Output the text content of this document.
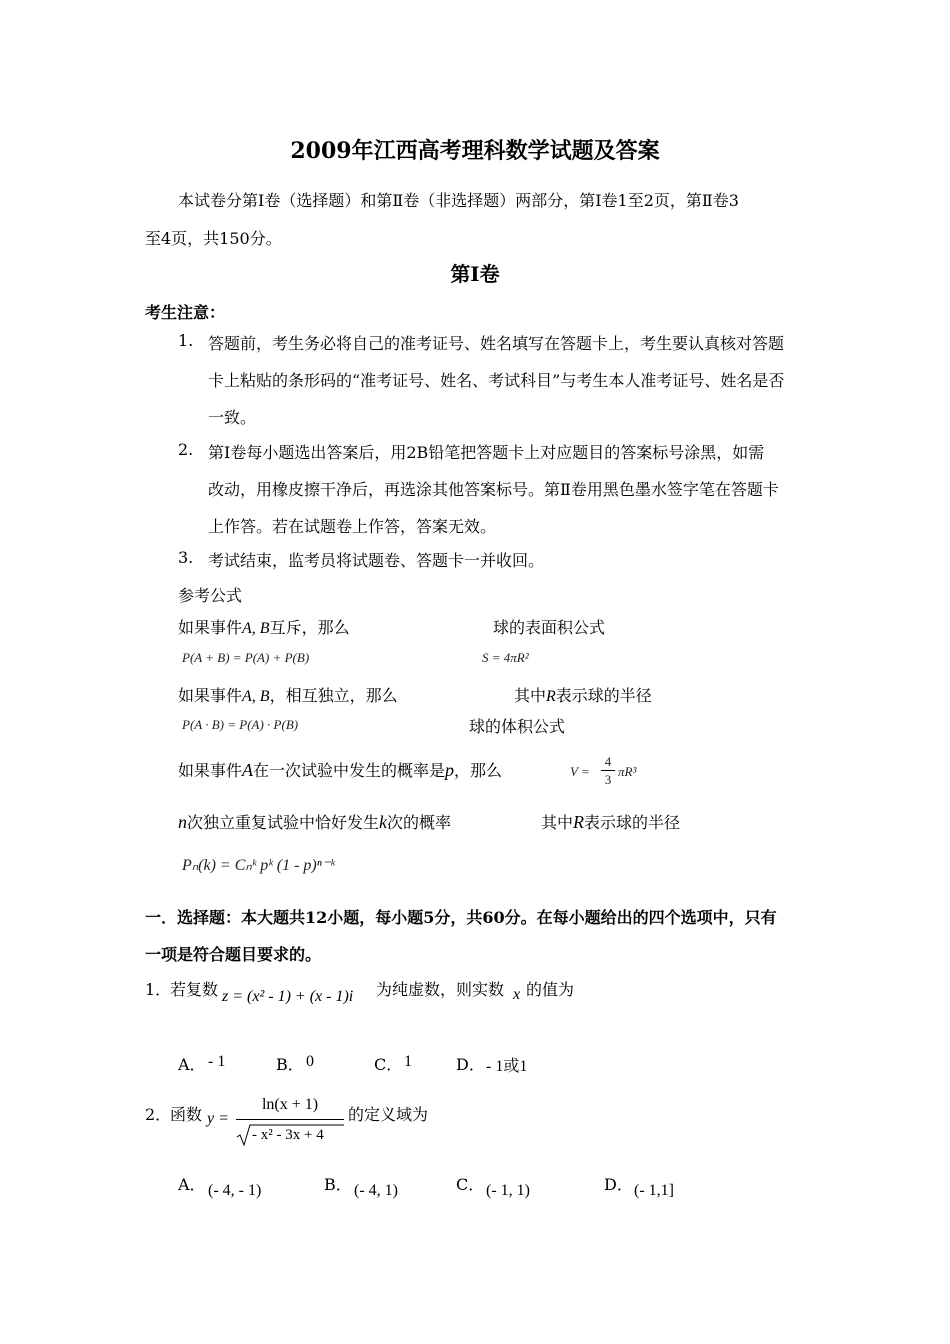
2009年江西高考理科数学试题及答案
本试卷分第Ⅰ卷（选择题）和第Ⅱ卷（非选择题）两部分，第Ⅰ卷1至2页，第Ⅱ卷3
至4页，共150分。
第Ⅰ卷
考生注意：
1. 答题前，考生务必将自己的准考证号、姓名填写在答题卡上，考生要认真核对答题
卡上粘贴的条形码的“准考证号、姓名、考试科目”与考生本人准考证号、姓名是否
一致。
2. 第I卷每小题选出答案后，用2B铅笔把答题卡上对应题目的答案标号涂黑，如需
改动，用橡皮擦干净后，再选涂其他答案标号。第Ⅱ卷用黑色墨水签字笔在答题卡
上作答。若在试题卷上作答，答案无效。
3. 考试结束，监考员将试题卷、答题卡一并收回。
参考公式
如果事件A, B互斥，那么	球的表面积公式
P(A + B) = P(A) + P(B)	S = 4πR²
如果事件A, B，相互独立，那么	其中R表示球的半径
P(A · B) = P(A) · P(B)	球的体积公式
如果事件A在一次试验中发生的概率是p，那么	V =
4
3
πR³
n次独立重复试验中恰好发生k次的概率	其中R表示球的半径
Pₙ(k) = Cₙᵏ pᵏ (1 - p)ⁿ⁻ᵏ
一．选择题：本大题共12小题，每小题5分，共60分。在每小题给出的四个选项中，只有
一项是符合题目要求的。
1．
若复数 z = (x² - 1) + (x - 1)i 为纯虚数，则实数 x 的值为
A． - 1	B． 0	C． 1	D． - 1或1
2．
函数 y =
ln(x + 1)
- x² - 3x + 4
的定义域为
A． (- 4, - 1)	B． (- 4, 1)	C． (- 1, 1)	D． (- 1,1]
